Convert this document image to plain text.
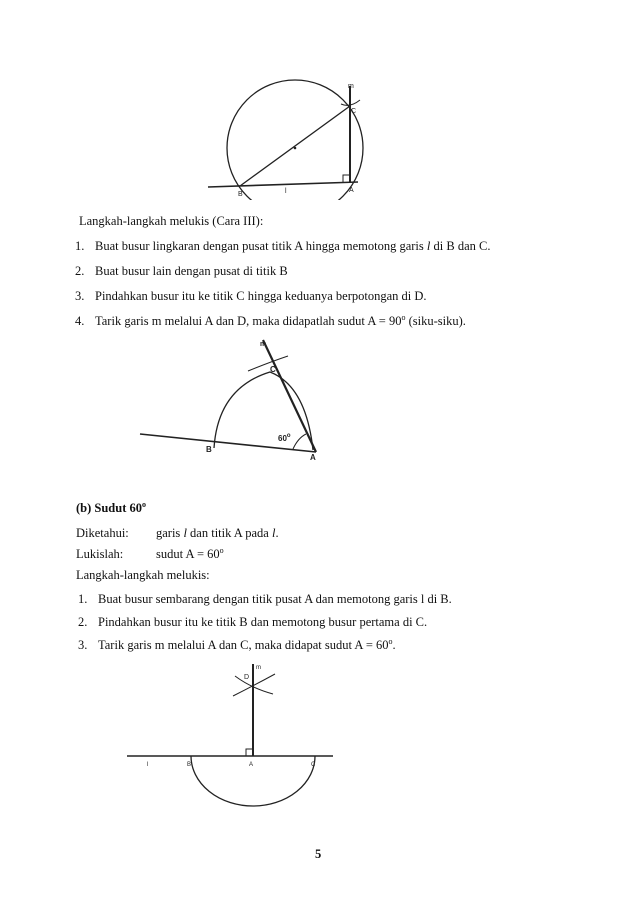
m
C
B	l	A
Langkah-langkah melukis (Cara III):
1. Buat busur lingkaran dengan pusat titik A hingga memotong garis l di B dan C.
2. Buat busur lain dengan pusat di titik B
3. Pindahkan busur itu ke titik C hingga keduanya berpotongan di D.
4. Tarik garis m melalui A dan D, maka didapatlah sudut $A = 90^o$ (siku-siku).
m
C
60$^o$
B
A
(b) Sudut 60$^o$
Diketahui: garis l dan titik A pada l.
Lukislah:	sudut $A = 60^o$
Langkah-langkah melukis:
1. Buat busur sembarang dengan titik pusat A dan memotong garis l di B.
2. Pindahkan busur itu ke titik B dan memotong busur pertama di C.
3. Tarik garis m melalui A dan C, maka didapat sudut $A = 60^o$.
m
D
l	B	A	C
5
